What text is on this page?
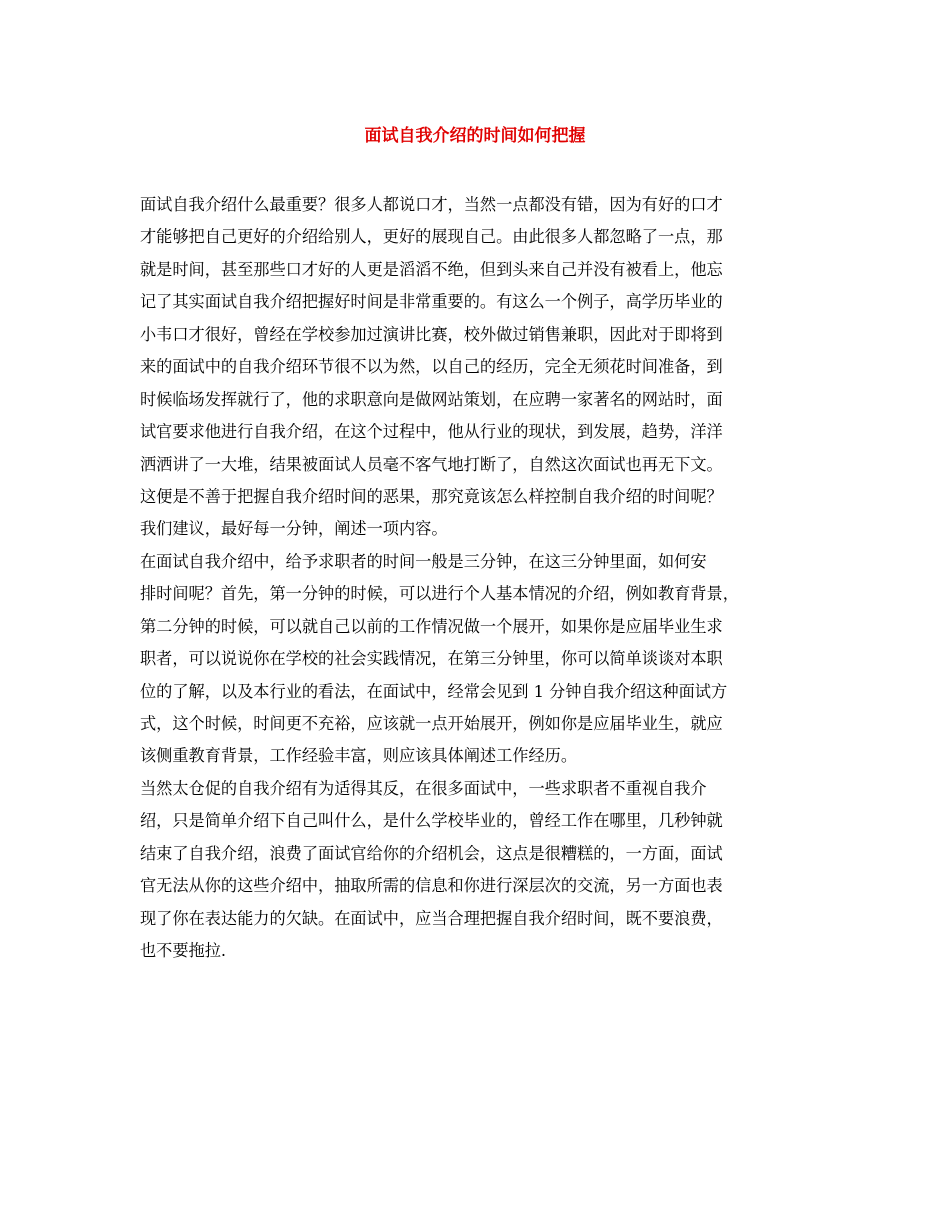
面试自我介绍的时间如何把握

面试自我介绍什么最重要？很多人都说口才，当然一点都没有错，因为有好的口才

才能够把自己更好的介绍给别人，更好的展现自己。由此很多人都忽略了一点，那

就是时间，甚至那些口才好的人更是滔滔不绝，但到头来自己并没有被看上，他忘

记了其实面试自我介绍把握好时间是非常重要的。有这么一个例子，高学历毕业的

小韦口才很好，曾经在学校参加过演讲比赛，校外做过销售兼职，因此对于即将到

来的面试中的自我介绍环节很不以为然，以自己的经历，完全无须花时间准备，到

时候临场发挥就行了，他的求职意向是做网站策划，在应聘一家著名的网站时，面

试官要求他进行自我介绍，在这个过程中，他从行业的现状，到发展，趋势，洋洋

洒洒讲了一大堆，结果被面试人员毫不客气地打断了，自然这次面试也再无下文。

这便是不善于把握自我介绍时间的恶果，那究竟该怎么样控制自我介绍的时间呢？

我们建议，最好每一分钟，阐述一项内容。

在面试自我介绍中，给予求职者的时间一般是三分钟，在这三分钟里面，如何安

排时间呢？首先，第一分钟的时候，可以进行个人基本情况的介绍，例如教育背景，

第二分钟的时候，可以就自己以前的工作情况做一个展开，如果你是应届毕业生求

职者，可以说说你在学校的社会实践情况，在第三分钟里，你可以简单谈谈对本职

位的了解，以及本行业的看法，在面试中，经常会见到 1 分钟自我介绍这种面试方

式，这个时候，时间更不充裕，应该就一点开始展开，例如你是应届毕业生，就应

该侧重教育背景，工作经验丰富，则应该具体阐述工作经历。

当然太仓促的自我介绍有为适得其反，在很多面试中，一些求职者不重视自我介

绍，只是简单介绍下自己叫什么，是什么学校毕业的，曾经工作在哪里，几秒钟就

结束了自我介绍，浪费了面试官给你的介绍机会，这点是很糟糕的，一方面，面试

官无法从你的这些介绍中，抽取所需的信息和你进行深层次的交流，另一方面也表

现了你在表达能力的欠缺。在面试中，应当合理把握自我介绍时间，既不要浪费，

也不要拖拉.
